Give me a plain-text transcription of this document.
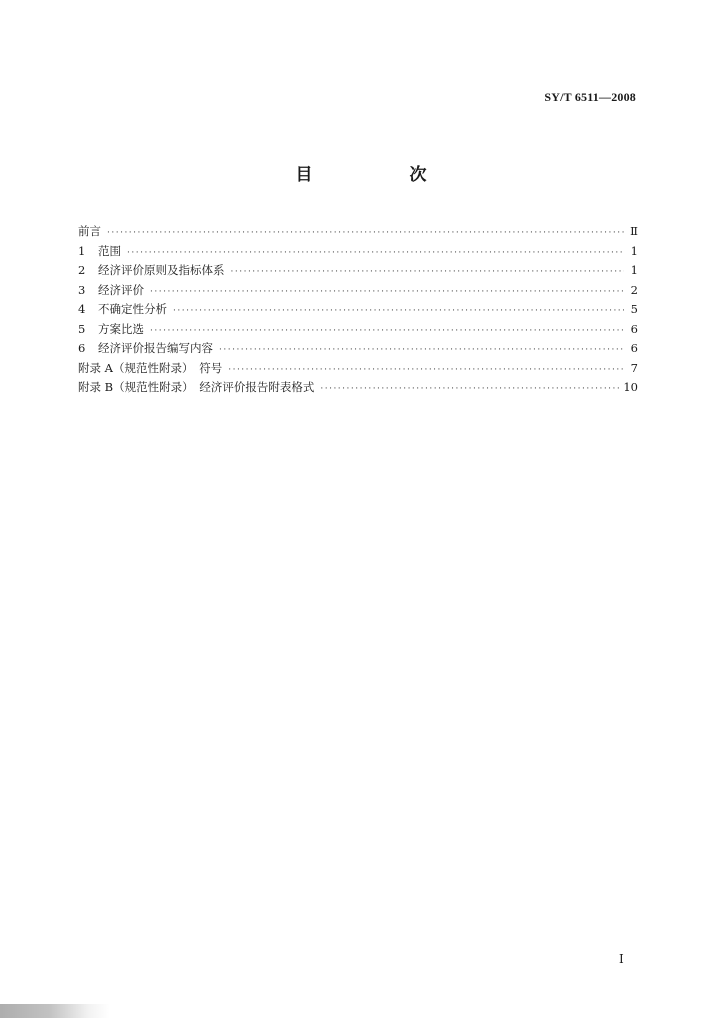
SY/T 6511—2008
目　次
前言 ·····	Ⅱ
1	范围 ·····	1
2	经济评价原则及指标体系 ·····	1
3	经济评价 ·····	2
4	不确定性分析 ·····	5
5	方案比选 ·····	6
6	经济评价报告编写内容 ·····	6
附录 A（规范性附录）　符号 ·····	7
附录 B（规范性附录）　经济评价报告附表格式 ·····	10
Ⅰ
